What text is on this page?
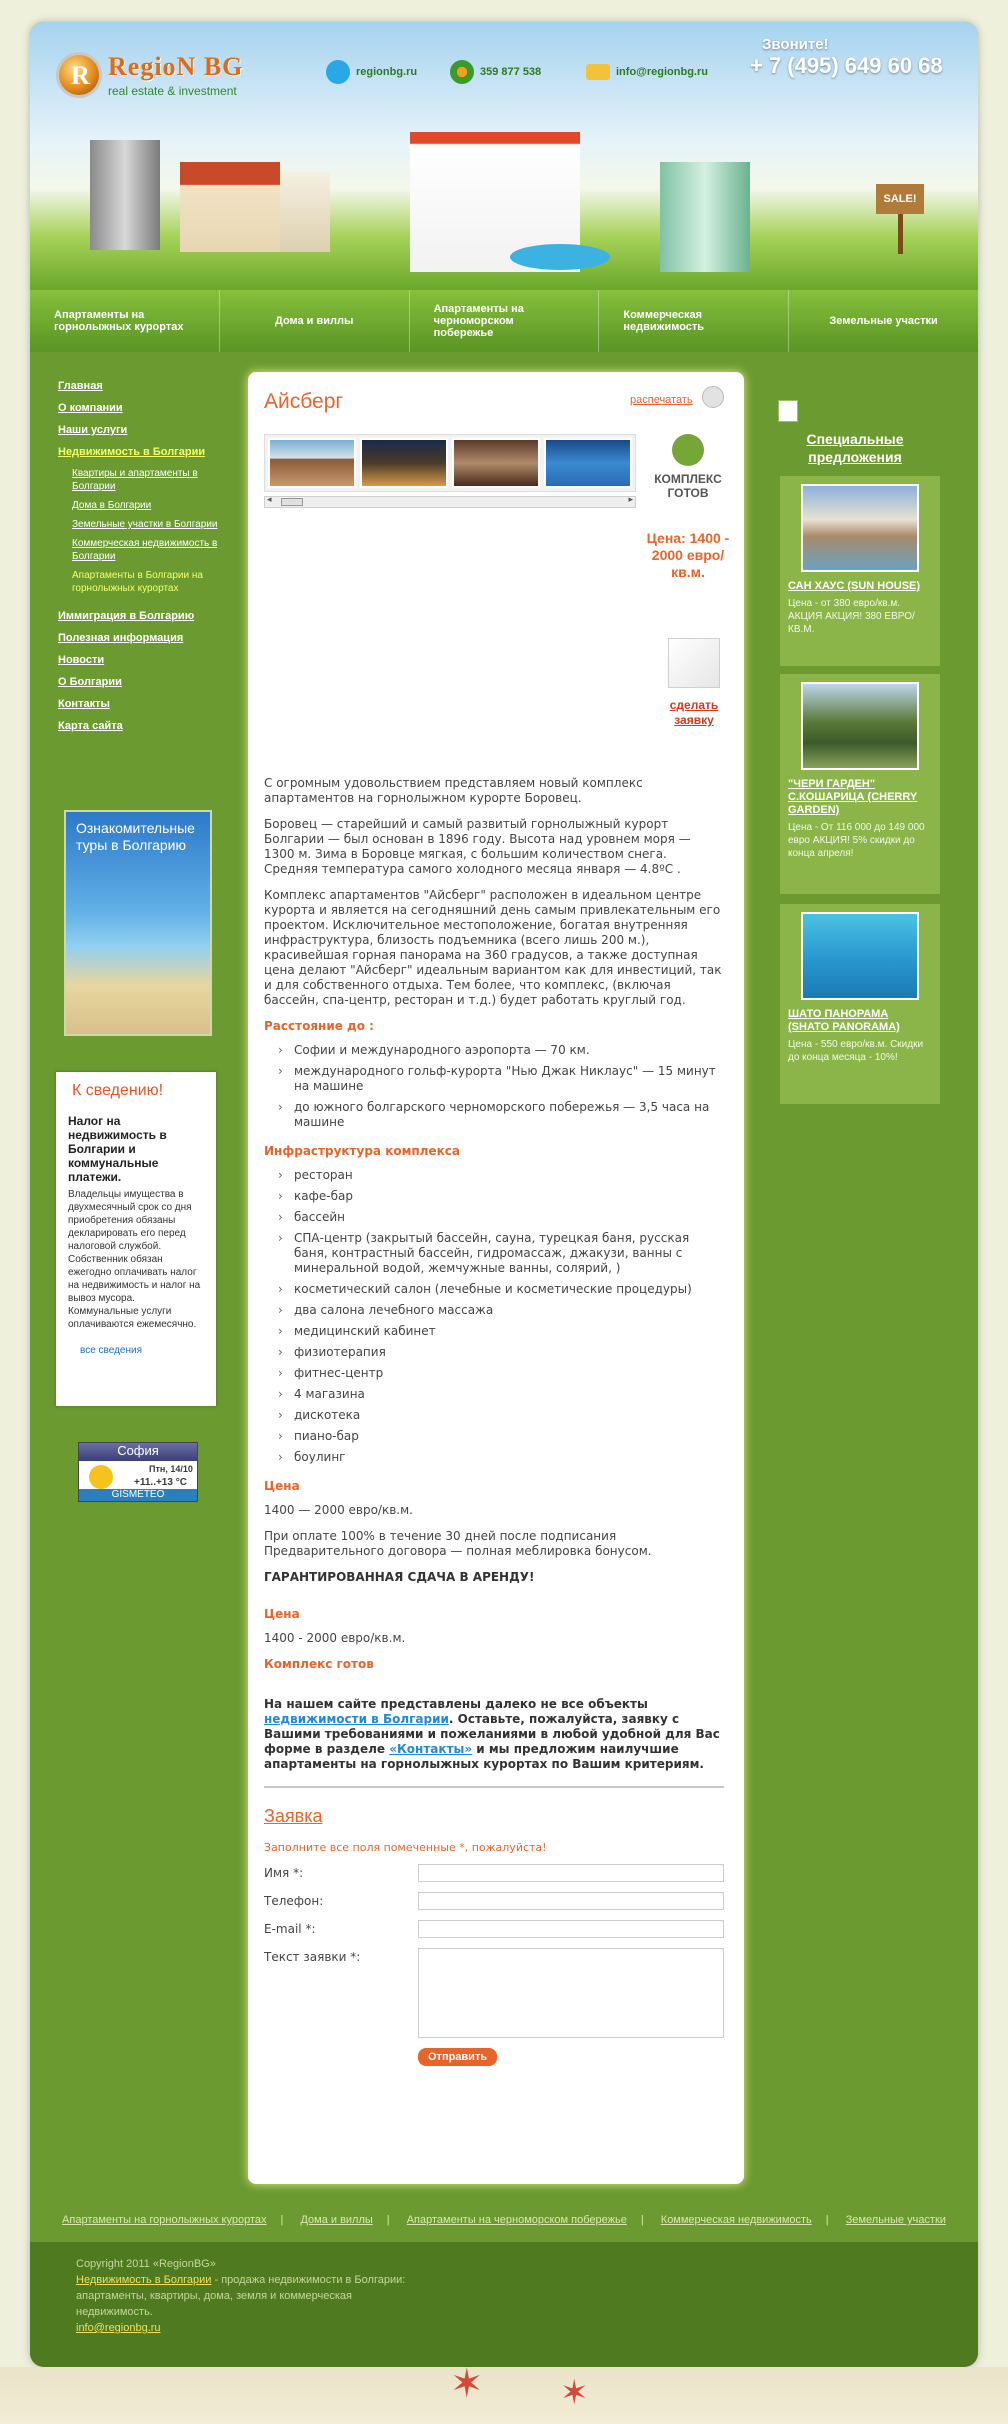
R RegioN BG
real estate & investment
regionbg.ru	359 877 538	info@regionbg.ru
Звоните!
+ 7 (495) 649 60 68
SALE!
Апартаменты на горнолыжных курортах	Дома и виллы
Апартаменты на черноморском побережье
Коммерческая недвижимость	Земельные участки
Главная
О компании
Наши услуги
Недвижимость в Болгарии
Квартиры и апартаменты в Болгарии
Дома в Болгарии
Земельные участки в Болгарии
Коммерческая недвижимость в Болгарии
Апартаменты в Болгарии на горнолыжных курортах
Иммиграция в Болгарию
Полезная информация
Новости
О Болгарии
Контакты
Карта сайта

Ознакомительные туры в Болгарию

К сведению!
Налог на недвижимость в Болгарии и коммунальные платежи.

Владельцы имущества в двухмесячный срок со дня приобретения обязаны декларировать его перед налоговой службой. Собственник обязан ежегодно оплачивать налог на недвижимость и налог на вывоз мусора. Коммунальные услуги оплачиваются ежемесячно.

все сведения
София
Птн, 14/10
+11..+13 °C
GISMETEO
Айсберг	распечатать
◂	▸
КОМПЛЕКС ГОТОВ
Цена: 1400 - 2000 евро/кв.м.
сделать заявку

С огромным удовольствием представляем новый комплекс апартаментов на горнолыжном курорте Боровец.

Боровец — старейший и самый развитый горнолыжный курорт Болгарии — был основан в 1896 году. Высота над уровнем моря — 1300 м. Зима в Боровце мягкая, с большим количеством снега. Средняя температура самого холодного месяца января — 4.8ºС .

Комплекс апартаментов "Айсберг" расположен в идеальном центре курорта и является на сегодняшний день самым привлекательным его проектом. Исключительное местоположение, богатая внутренняя инфраструктура, близость подъемника (всего лишь 200 м.), красивейшая горная панорама на 360 градусов, а также доступная цена делают "Айсберг" идеальным вариантом как для инвестиций, так и для собственного отдыха. Тем более, что комплекс, (включая бассейн, спа-центр, ресторан и т.д.) будет работать круглый год.

Расстояние до :
› Софии и международного аэропорта — 70 км.
› международного гольф-курорта "Нью Джак Никлаус" — 15 минут на машине
› до южного болгарского черноморского побережья — 3,5 часа на машине
Инфраструктура комплекса
› ресторан
› кафе-бар
› бассейн
› СПА-центр (закрытый бассейн, сауна, турецкая баня, русская баня, контрастный бассейн, гидромассаж, джакузи, ванны с минеральной водой, жемчужные ванны, солярий, )
› косметический салон (лечебные и косметические процедуры)
› два салона лечебного массажа
› медицинский кабинет
› физиотерапия
› фитнес-центр
› 4 магазина
› дискотека
› пиано-бар
› боулинг
Цена

1400 — 2000 евро/кв.м.

При оплате 100% в течение 30 дней после подписания Предварительного договора — полная меблировка бонусом.

ГАРАНТИРОВАННАЯ СДАЧА В АРЕНДУ!

Цена

1400 - 2000 евро/кв.м.

Комплекс готов

На нашем сайте представлены далеко не все объекты недвижимости в Болгарии. Оставьте, пожалуйста, заявку с Вашими требованиями и пожеланиями в любой удобной для Вас форме в разделе «Контакты» и мы предложим наилучшие апартаменты на горнолыжных курортах по Вашим критериям.

Заявка
Заполните все поля помеченные *, пожалуйста!
Имя *:
Телефон:
E-mail *:
Текст заявки *:
Отправить
Специальные предложения
САН ХАУС (SUN HOUSE)
Цена - от 380 евро/кв.м. АКЦИЯ АКЦИЯ! 380 ЕВРО/КВ.М.
"ЧЕРИ ГАРДЕН" С.КОШАРИЦА (CHERRY GARDEN)
Цена - От 116 000 до 149 000 евро АКЦИЯ! 5% скидки до конца апреля!
ШАТО ПАНОРАМА (SHATO PANORAMA)
Цена - 550 евро/кв.м. Скидки до конца месяца - 10%!
Апартаменты на горнолыжных курортах | Дома и виллы | Апартаменты на черноморском побережье | Коммерческая недвижимость | Земельные участки
Copyright 2011 «RegionBG»
Недвижимость в Болгарии - продажа недвижимости в Болгарии: апартаменты, квартиры, дома, земля и коммерческая недвижимость.
info@regionbg.ru
✶ ✶
